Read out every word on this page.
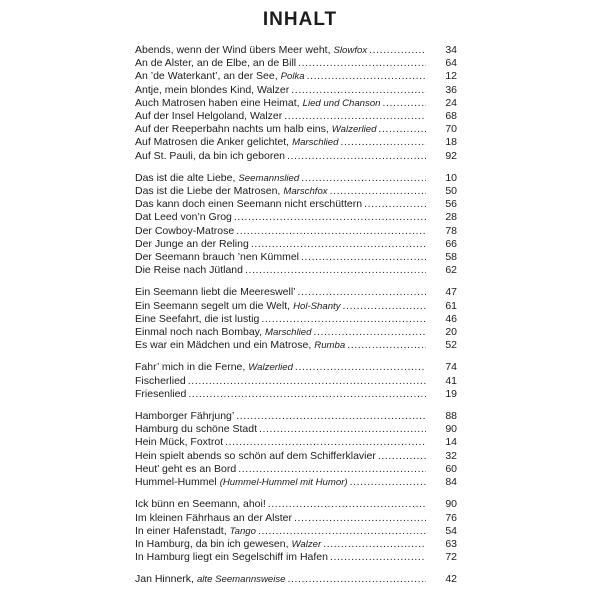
INHALT
Abends, wenn der Wind übers Meer weht, Slowfox .....	34
An de Alster, an de Elbe, an de Bill .....	64
An ’de Waterkant’, an der See, Polka .....	12
Antje, mein blondes Kind, Walzer .....	36
Auch Matrosen haben eine Heimat, Lied und Chanson .....	24
Auf der Insel Helgoland, Walzer .....	68
Auf der Reeperbahn nachts um halb eins, Walzerlied .....	70
Auf Matrosen die Anker gelichtet, Marschlied .....	18
Auf St. Pauli, da bin ich geboren .....	92
Das ist die alte Liebe, Seemannslied .....	10
Das ist die Liebe der Matrosen, Marschfox .....	50
Das kann doch einen Seemann nicht erschüttern .....	56
Dat Leed von’n Grog .....	28
Der Cowboy-Matrose .....	78
Der Junge an der Reling .....	66
Der Seemann brauch ’nen Kümmel .....	58
Die Reise nach Jütland .....	62
Ein Seemann liebt die Meereswell’ .....	47
Ein Seemann segelt um die Welt, Hol-Shanty .....	61
Eine Seefahrt, die ist lustig .....	46
Einmal noch nach Bombay, Marschlied .....	20
Es war ein Mädchen und ein Matrose, Rumba .....	52
Fahr’ mich in die Ferne, Walzerlied .....	74
Fischerlied .....	41
Friesenlied .....	19
Hamborger Fährjung’ .....	88
Hamburg du schöne Stadt .....	90
Hein Mück, Foxtrot .....	14
Hein spielt abends so schön auf dem Schifferklavier .....	32
Heut’ geht es an Bord .....	60
Hummel-Hummel (Hummel-Hummel mit Humor) .....	84
Ick bünn en Seemann, ahoi! .....	90
Im kleinen Fährhaus an der Alster .....	76
In einer Hafenstadt, Tango .....	54
In Hamburg, da bin ich gewesen, Walzer .....	63
In Hamburg liegt ein Segelschiff im Hafen .....	72
Jan Hinnerk, alte Seemannsweise .....	42
